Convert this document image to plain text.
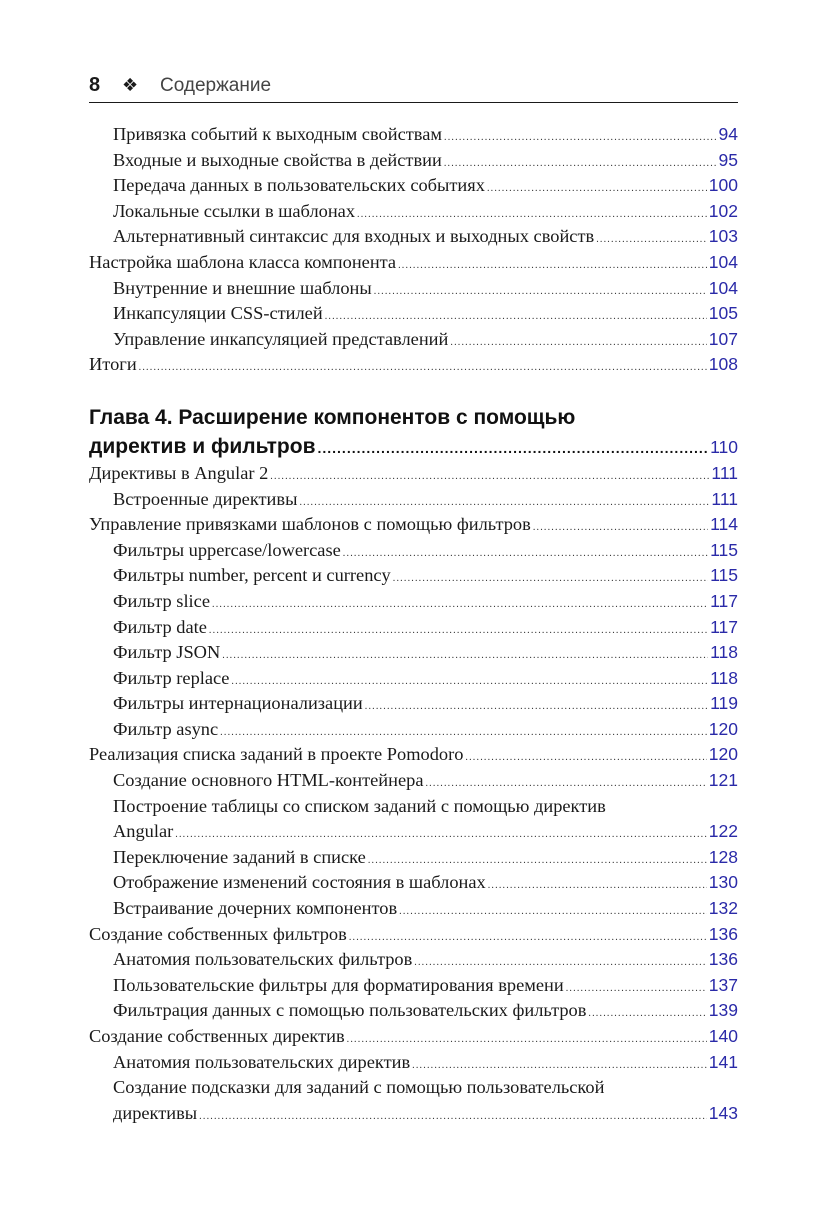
8 ❖ Содержание
Привязка событий к выходным свойствам .....	94
Входные и выходные свойства в действии .....	95
Передача данных в пользовательских событиях .....	100
Локальные ссылки в шаблонах .....	102
Альтернативный синтаксис для входных и выходных свойств .....	103
Настройка шаблона класса компонента .....	104
Внутренние и внешние шаблоны .....	104
Инкапсуляции CSS-стилей .....	105
Управление инкапсуляцией представлений .....	107
Итоги .....	108
Глава 4. Расширение компонентов с помощью
директив и фильтров .....	110
Директивы в Angular 2 .....	111
Встроенные директивы .....	111
Управление привязками шаблонов с помощью фильтров .....	114
Фильтры uppercase/lowercase .....	115
Фильтры number, percent и currency .....	115
Фильтр slice .....	117
Фильтр date .....	117
Фильтр JSON .....	118
Фильтр replace .....	118
Фильтры интернационализации .....	119
Фильтр async .....	120
Реализация списка заданий в проекте Pomodoro .....	120
Создание основного HTML-контейнера .....	121
Построение таблицы со списком заданий с помощью директив
Angular .....	122
Переключение заданий в списке .....	128
Отображение изменений состояния в шаблонах .....	130
Встраивание дочерних компонентов .....	132
Создание собственных фильтров .....	136
Анатомия пользовательских фильтров .....	136
Пользовательские фильтры для форматирования времени .....	137
Фильтрация данных с помощью пользовательских фильтров .....	139
Создание собственных директив .....	140
Анатомия пользовательских директив .....	141
Создание подсказки для заданий с помощью пользовательской
директивы .....	143
